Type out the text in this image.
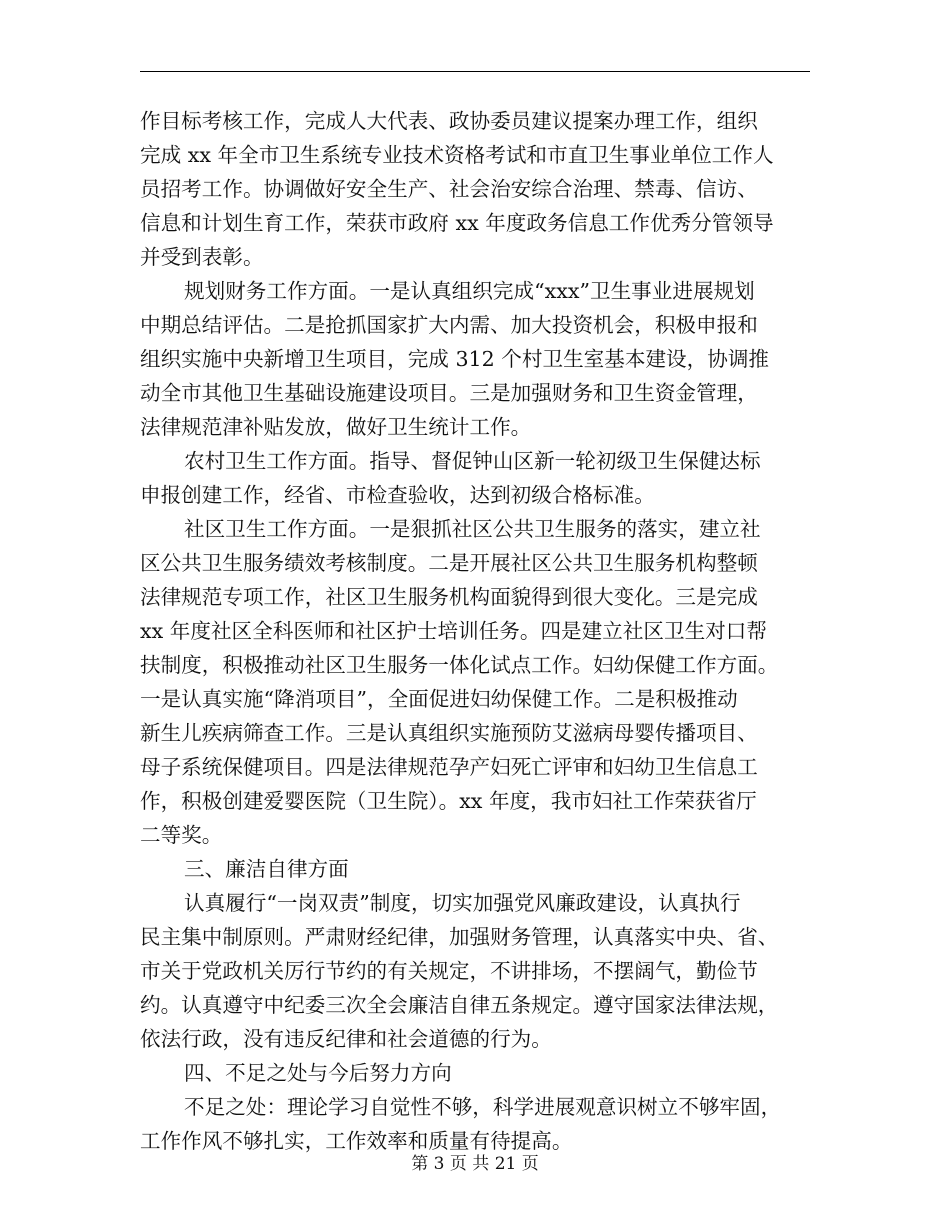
作目标考核工作，完成人大代表、政协委员建议提案办理工作，组织
完成 xx 年全市卫生系统专业技术资格考试和市直卫生事业单位工作人
员招考工作。协调做好安全生产、社会治安综合治理、禁毒、信访、
信息和计划生育工作，荣获市政府 xx 年度政务信息工作优秀分管领导
并受到表彰。
规划财务工作方面。一是认真组织完成“xxx”卫生事业进展规划
中期总结评估。二是抢抓国家扩大内需、加大投资机会，积极申报和
组织实施中央新增卫生项目，完成 312 个村卫生室基本建设，协调推
动全市其他卫生基础设施建设项目。三是加强财务和卫生资金管理，
法律规范津补贴发放，做好卫生统计工作。
农村卫生工作方面。指导、督促钟山区新一轮初级卫生保健达标
申报创建工作，经省、市检查验收，达到初级合格标准。
社区卫生工作方面。一是狠抓社区公共卫生服务的落实，建立社
区公共卫生服务绩效考核制度。二是开展社区公共卫生服务机构整顿
法律规范专项工作，社区卫生服务机构面貌得到很大变化。三是完成
xx 年度社区全科医师和社区护士培训任务。四是建立社区卫生对口帮
扶制度，积极推动社区卫生服务一体化试点工作。妇幼保健工作方面。
一是认真实施“降消项目”，全面促进妇幼保健工作。二是积极推动
新生儿疾病筛查工作。三是认真组织实施预防艾滋病母婴传播项目、
母子系统保健项目。四是法律规范孕产妇死亡评审和妇幼卫生信息工
作，积极创建爱婴医院（卫生院）。xx 年度，我市妇社工作荣获省厅
二等奖。
三、廉洁自律方面
认真履行“一岗双责”制度，切实加强党风廉政建设，认真执行
民主集中制原则。严肃财经纪律，加强财务管理，认真落实中央、省、
市关于党政机关厉行节约的有关规定，不讲排场，不摆阔气，勤俭节
约。认真遵守中纪委三次全会廉洁自律五条规定。遵守国家法律法规，
依法行政，没有违反纪律和社会道德的行为。
四、不足之处与今后努力方向
不足之处：理论学习自觉性不够，科学进展观意识树立不够牢固，
工作作风不够扎实，工作效率和质量有待提高。
第 3 页 共 21 页
